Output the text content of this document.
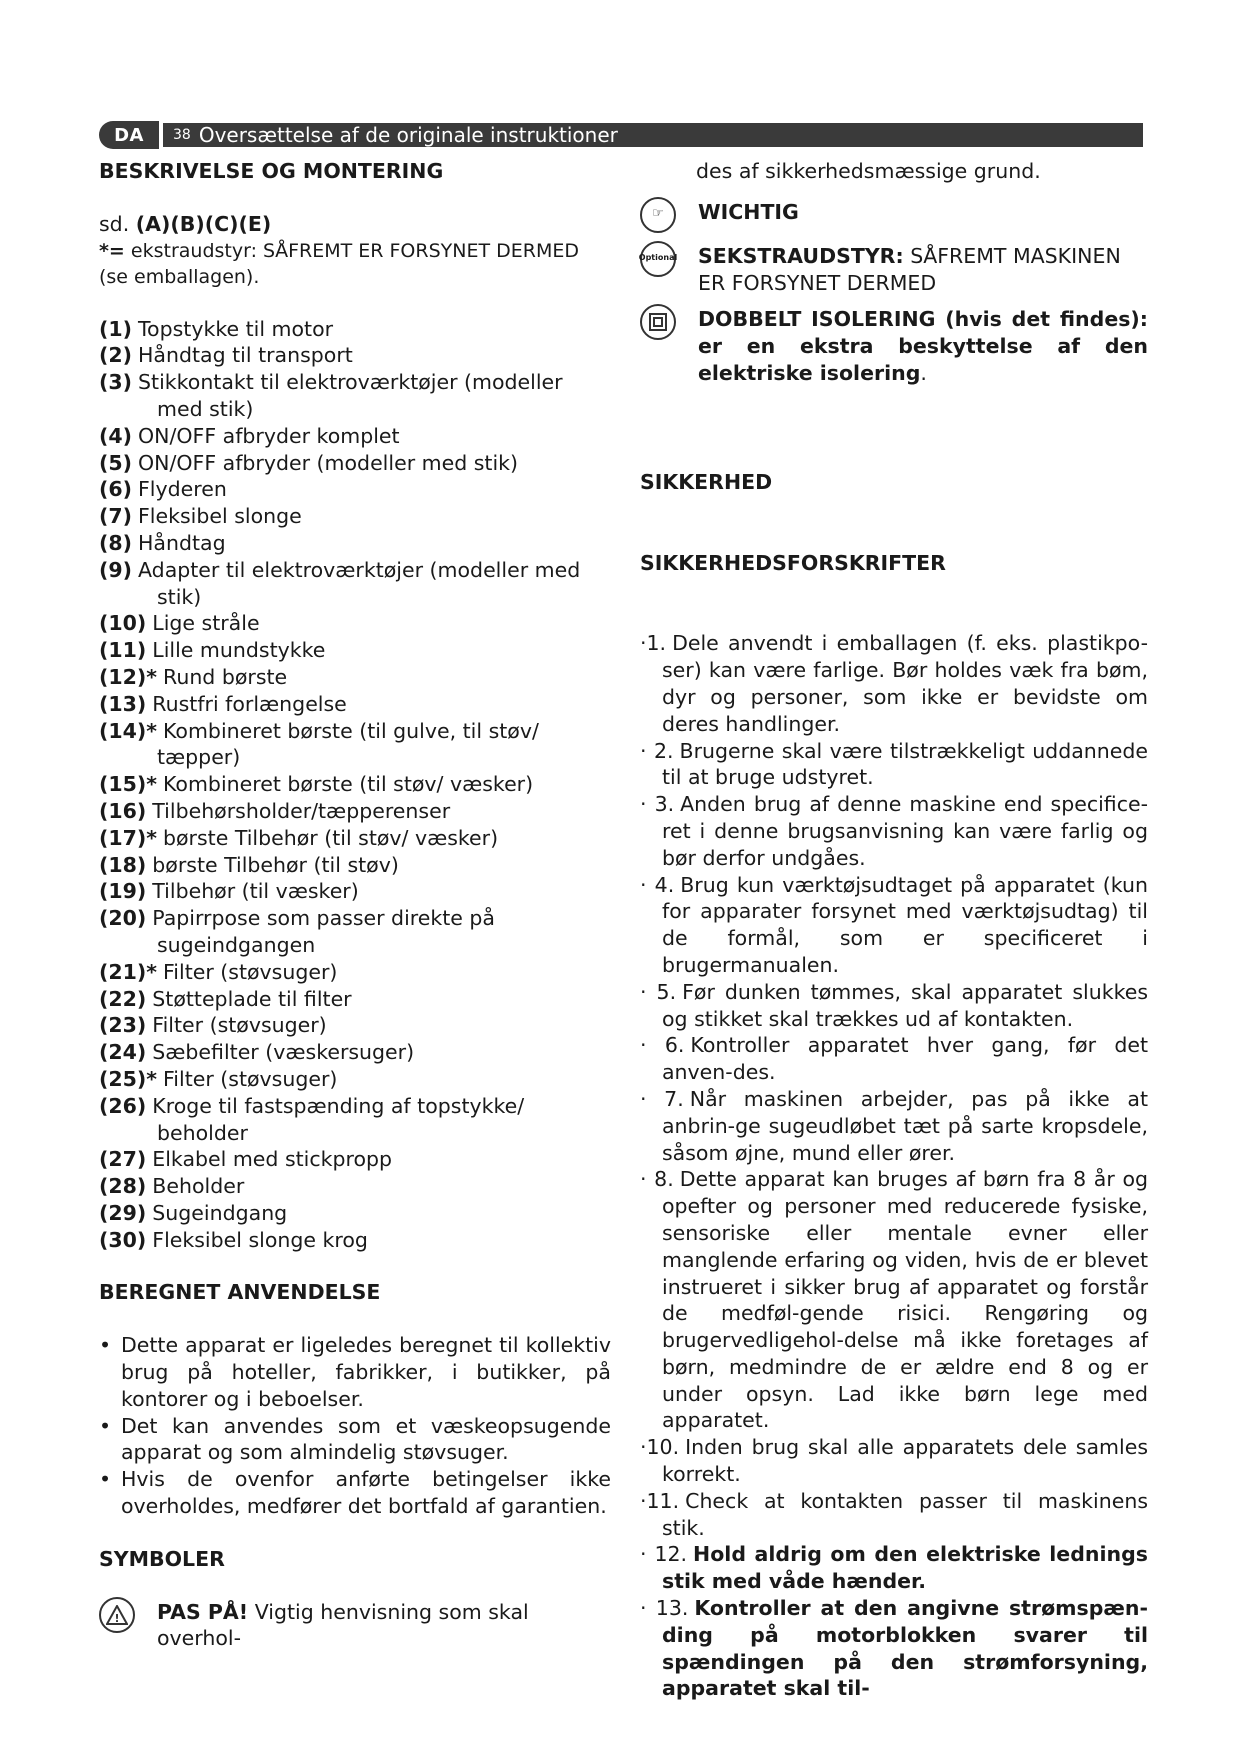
DA	38 Oversættelse af de originale instruktioner
BESKRIVELSE OG MONTERING

sd. (A)(B)(C)(E)

*= ekstraudstyr: SÅFREMT ER FORSYNET DERMED (se emballagen).

(1) Topstykke til motor
(2) Håndtag til transport
(3) Stikkontakt til elektroværktøjer (modeller med stik)
(4) ON/OFF afbryder komplet
(5) ON/OFF afbryder (modeller med stik)
(6) Flyderen
(7) Fleksibel slonge
(8) Håndtag
(9) Adapter til elektroværktøjer (modeller med stik)
(10) Lige stråle
(11) Lille mundstykke
(12)* Rund børste
(13) Rustfri forlængelse
(14)* Kombineret børste (til gulve, til støv/ tæpper)
(15)* Kombineret børste (til støv/ væsker)
(16) Tilbehørsholder/tæpperenser
(17)* børste Tilbehør (til støv/ væsker)
(18) børste Tilbehør (til støv)
(19) Tilbehør (til væsker)
(20) Papirrpose som passer direkte på sugeindgangen
(21)* Filter (støvsuger)
(22) Støtteplade til filter
(23) Filter (støvsuger)
(24) Sæbefilter (væskersuger)
(25)* Filter (støvsuger)
(26) Kroge til fastspænding af topstykke/ beholder
(27) Elkabel med stickpropp
(28) Beholder
(29) Sugeindgang
(30) Fleksibel slonge krog
BEREGNET ANVENDELSE
• Dette apparat er ligeledes beregnet til kollektiv brug på hoteller, fabrikker, i butikker, på kontorer og i beboelser.
• Det kan anvendes som et væskeopsugende apparat og som almindelig støvsuger.
• Hvis de ovenfor anførte betingelser ikke overholdes, medfører det bortfald af garantien.
SYMBOLER
! PAS PÅ! Vigtig henvisning som skal overhol-

des af sikkerhedsmæssige grund.

☞	WICHTIG
Optional SEKSTRAUDSTYR: SÅFREMT MASKINEN ER FORSYNET DERMED
DOBBELT ISOLERING (hvis det findes): er en ekstra beskyttelse af den elektriske isolering.
SIKKERHED
SIKKERHEDSFORSKRIFTER
·1. Dele anvendt i emballagen (f. eks. plastikpo-ser) kan være farlige. Bør holdes væk fra bøm, dyr og personer, som ikke er bevidste om deres handlinger.
· 2. Brugerne skal være tilstrækkeligt uddannede til at bruge udstyret.
· 3. Anden brug af denne maskine end specifice-ret i denne brugsanvisning kan være farlig og bør derfor undgåes.
· 4. Brug kun værktøjsudtaget på apparatet (kun for apparater forsynet med værktøjsudtag) til de formål, som er specificeret i brugermanualen.
· 5. Før dunken tømmes, skal apparatet slukkes og stikket skal trækkes ud af kontakten.
· 6. Kontroller apparatet hver gang, før det anven-des.
· 7. Når maskinen arbejder, pas på ikke at anbrin-ge sugeudløbet tæt på sarte kropsdele, såsom øjne, mund eller ører.
· 8. Dette apparat kan bruges af børn fra 8 år og opefter og personer med reducerede fysiske, sensoriske eller mentale evner eller manglende erfaring og viden, hvis de er blevet instrueret i sikker brug af apparatet og forstår de medføl-gende risici. Rengøring og brugervedligehol-delse må ikke foretages af børn, medmindre de er ældre end 8 og er under opsyn. Lad ikke børn lege med apparatet.
·10. Inden brug skal alle apparatets dele samles korrekt.
·11. Check at kontakten passer til maskinens stik.
· 12. Hold aldrig om den elektriske lednings stik med våde hænder.
· 13. Kontroller at den angivne strømspæn-ding på motorblokken svarer til spændingen på den strømforsyning, apparatet skal til-
